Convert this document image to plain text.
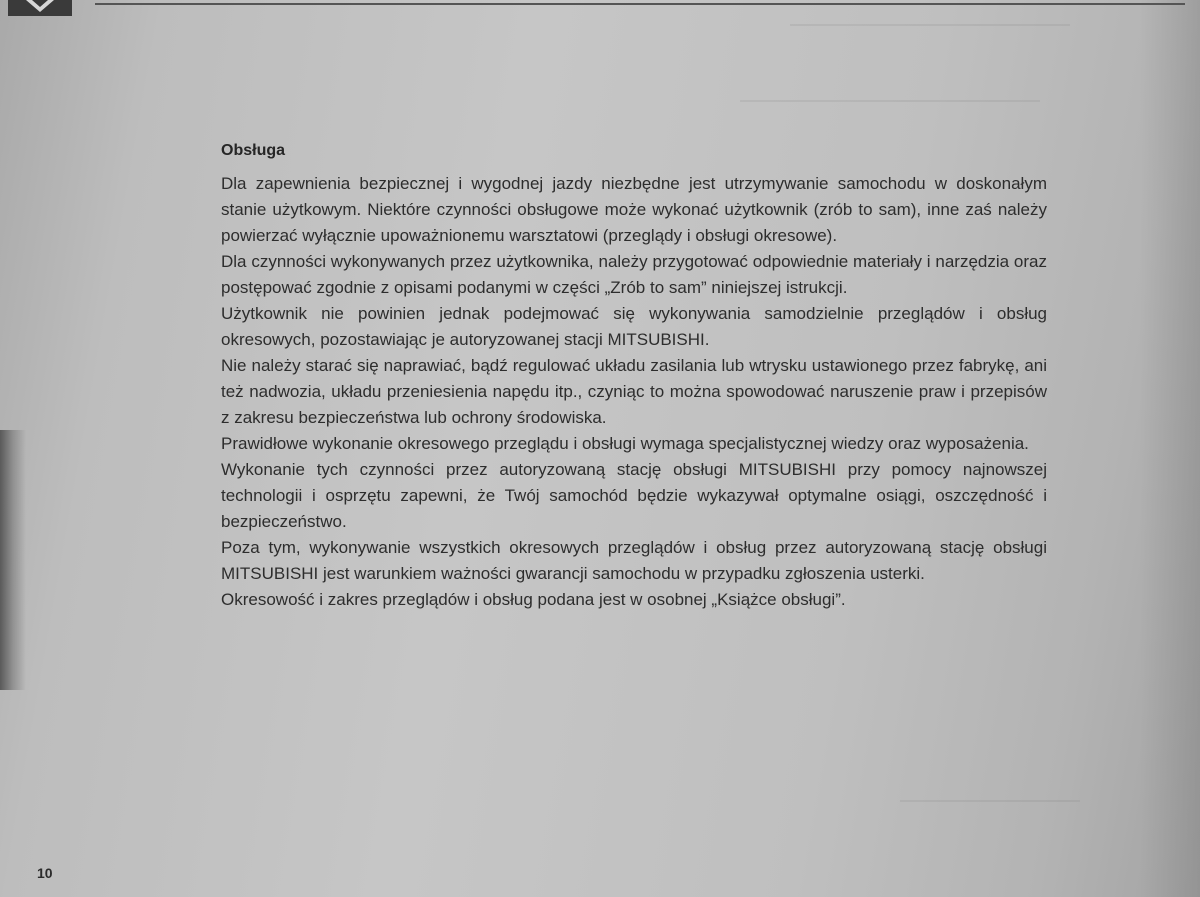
Obsługa

Dla zapewnienia bezpiecznej i wygodnej jazdy niezbędne jest utrzymywanie samochodu w doskonałym stanie użytkowym. Niektóre czynności obsługowe może wykonać użytkownik (zrób to sam), inne zaś należy powierzać wyłącznie upoważnionemu warsztatowi (przeglądy i obsługi okresowe).

Dla czynności wykonywanych przez użytkownika, należy przygotować odpowiednie materiały i narzędzia oraz postępować zgodnie z opisami podanymi w części „Zrób to sam” niniejszej istrukcji.

Użytkownik nie powinien jednak podejmować się wykonywania samodzielnie przeglądów i obsług okresowych, pozostawiając je autoryzowanej stacji MITSUBISHI.

Nie należy starać się naprawiać, bądź regulować układu zasilania lub wtrysku ustawionego przez fabrykę, ani też nadwozia, układu przeniesienia napędu itp., czyniąc to można spowodować naruszenie praw i przepisów z zakresu bezpieczeństwa lub ochrony środowiska.

Prawidłowe wykonanie okresowego przeglądu i obsługi wymaga specjalistycznej wiedzy oraz wyposażenia.

Wykonanie tych czynności przez autoryzowaną stację obsługi MITSUBISHI przy pomocy najnowszej technologii i osprzętu zapewni, że Twój samochód będzie wykazywał optymalne osiągi, oszczędność i bezpieczeństwo.

Poza tym, wykonywanie wszystkich okresowych przeglądów i obsług przez autoryzowaną stację obsługi MITSUBISHI jest warunkiem ważności gwarancji samochodu w przypadku zgłoszenia usterki.

Okresowość i zakres przeglądów i obsług podana jest w osobnej „Książce obsługi”.

10
